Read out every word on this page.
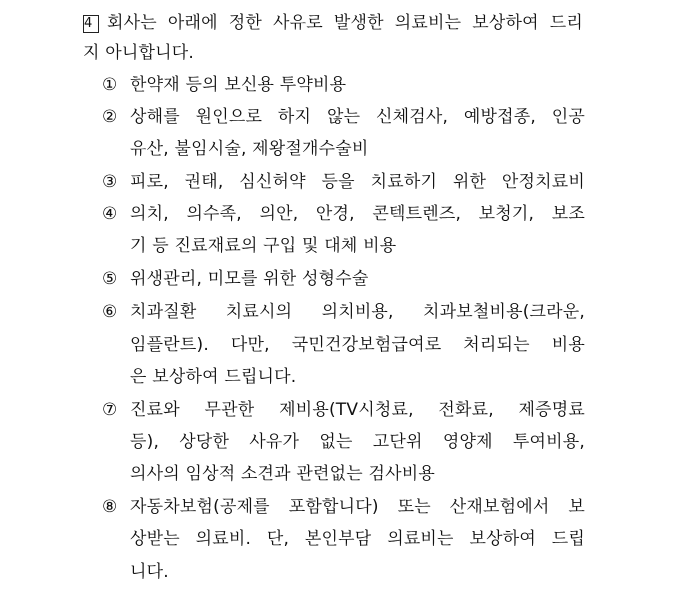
4 회사는 아래에 정한 사유로 발생한 의료비는 보상하여 드리
지 아니합니다.
① 한약재 등의 보신용 투약비용
② 상해를 원인으로 하지 않는 신체검사, 예방접종, 인공
유산, 불임시술, 제왕절개수술비
③ 피로, 권태, 심신허약 등을 치료하기 위한 안정치료비
④ 의치, 의수족, 의안, 안경, 콘텍트렌즈, 보청기, 보조
기 등 진료재료의 구입 및 대체 비용
⑤ 위생관리, 미모를 위한 성형수술
⑥ 치과질환 치료시의 의치비용, 치과보철비용(크라운,
임플란트). 다만, 국민건강보험급여로 처리되는 비용
은 보상하여 드립니다.
⑦ 진료와 무관한 제비용(TV시청료, 전화료, 제증명료
등), 상당한 사유가 없는 고단위 영양제 투여비용,
의사의 임상적 소견과 관련없는 검사비용
⑧ 자동차보험(공제를 포함합니다) 또는 산재보험에서 보
상받는 의료비. 단, 본인부담 의료비는 보상하여 드립
니다.
